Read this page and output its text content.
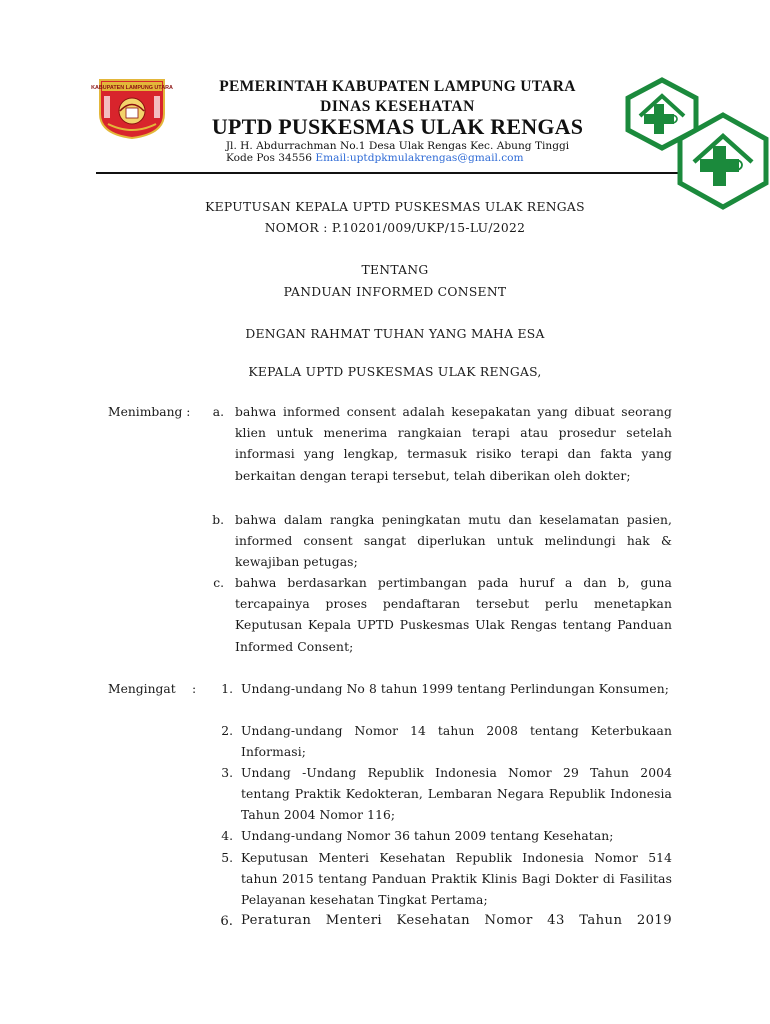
KABUPATEN LAMPUNG UTARA	PEMERINTAH KABUPATEN LAMPUNG UTARA
DINAS KESEHATAN
UPTD PUSKESMAS ULAK RENGAS
Jl. H. Abdurrachman No.1 Desa Ulak Rengas Kec. Abung Tinggi
Kode Pos 34556 Email:uptdpkmulakrengas@gmail.com
KEPUTUSAN KEPALA UPTD PUSKESMAS ULAK RENGAS
NOMOR : P.10201/009/UKP/15-LU/2022
TENTANG
PANDUAN INFORMED CONSENT
DENGAN RAHMAT TUHAN YANG MAHA ESA
KEPALA UPTD PUSKESMAS ULAK RENGAS,
Menimbang :	a. bahwa informed consent adalah kesepakatan yang dibuat seorang klien untuk menerima rangkaian terapi atau prosedur setelah informasi yang lengkap, termasuk risiko terapi dan fakta yang berkaitan dengan terapi tersebut, telah diberikan oleh dokter;
b. bahwa dalam rangka peningkatan mutu dan keselamatan pasien, informed consent sangat diperlukan untuk melindungi hak & kewajiban petugas;
c. bahwa berdasarkan pertimbangan pada huruf a dan b, guna tercapainya proses pendaftaran tersebut perlu menetapkan Keputusan Kepala UPTD Puskesmas Ulak Rengas tentang Panduan Informed Consent;
Mengingat :	1. Undang-undang No 8 tahun 1999 tentang Perlindungan Konsumen;
2. Undang-undang Nomor 14 tahun 2008 tentang Keterbukaan Informasi;
3. Undang -Undang Republik Indonesia Nomor 29 Tahun 2004 tentang Praktik Kedokteran, Lembaran Negara Republik Indonesia Tahun 2004 Nomor 116;
4. Undang-undang Nomor 36 tahun 2009 tentang Kesehatan;
5. Keputusan Menteri Kesehatan Republik Indonesia Nomor 514 tahun 2015 tentang Panduan Praktik Klinis Bagi Dokter di Fasilitas Pelayanan kesehatan Tingkat Pertama;
6. Peraturan Menteri Kesehatan Nomor 43 Tahun 2019
